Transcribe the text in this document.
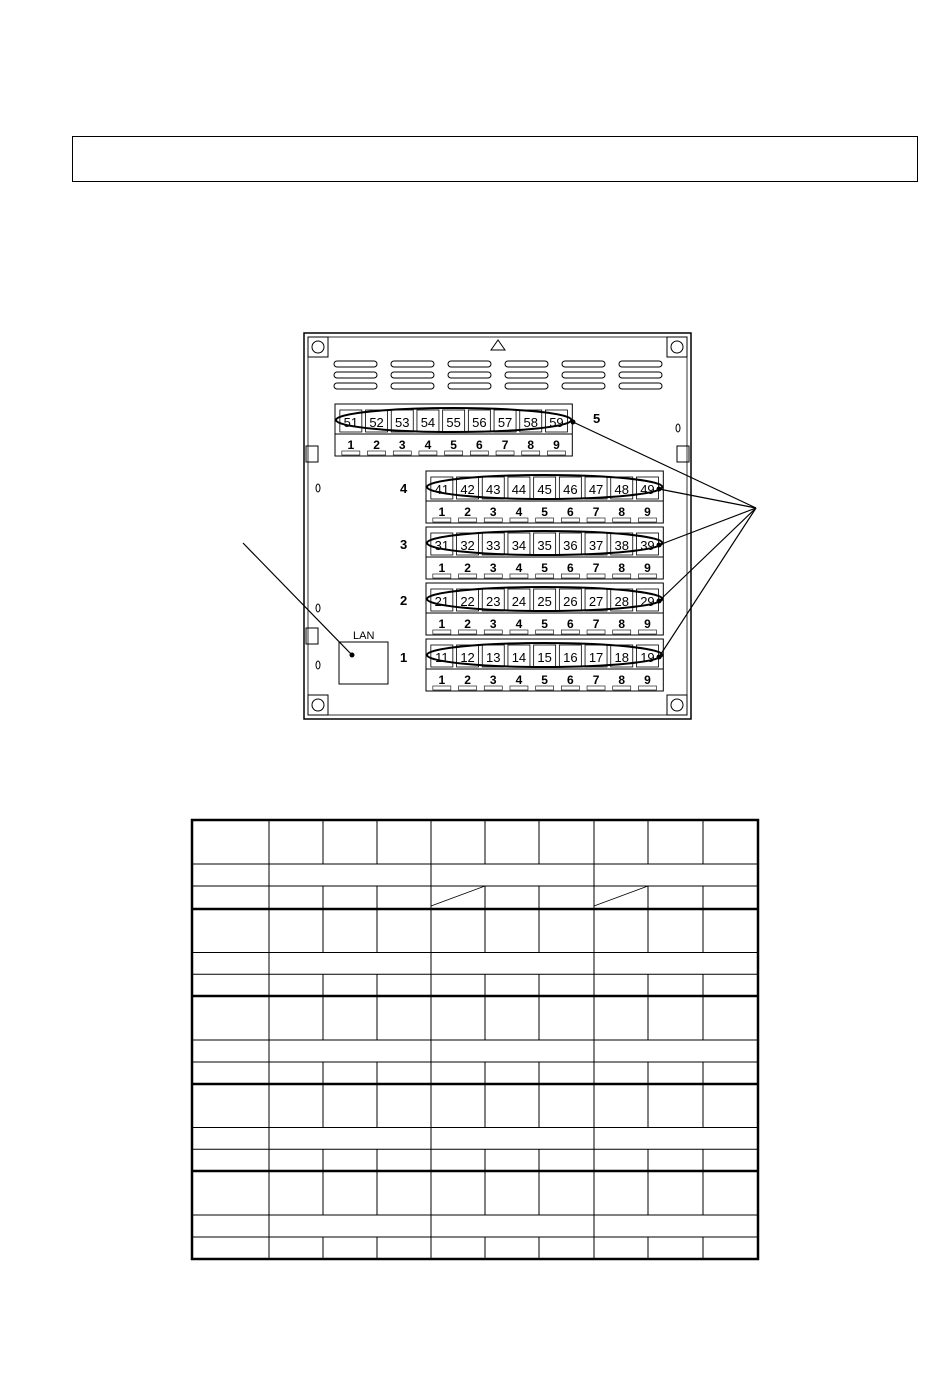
LAN
51
1
52
2
53
3
54
4
55
5
56
6
57
7
58
8
59
9
5
41
1
42
2
43
3
44
4
45
5
46
6
47
7
48
8
49
9
4
31
1
32
2
33
3
34
4
35
5
36
6
37
7
38
8
39
9
3
21
1
22
2
23
3
24
4
25
5
26
6
27
7
28
8
29
9
2
11
1
12
2
13
3
14
4
15
5
16
6
17
7
18
8
19
9
1
